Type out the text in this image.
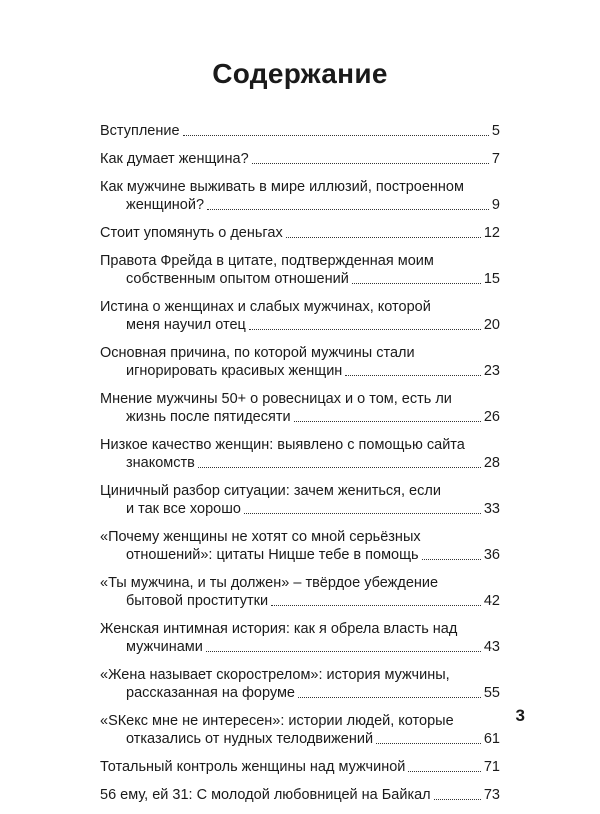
Содержание
Вступление	5
Как думает женщина?	7
Как мужчине выживать в мире иллюзий, построенном
женщиной?	9
Стоит упомянуть о деньгах	12
Правота Фрейда в цитате, подтвержденная моим
собственным опытом отношений	15
Истина о женщинах и слабых мужчинах, которой
меня научил отец	20
Основная причина, по которой мужчины стали
игнорировать красивых женщин	23
Мнение мужчины 50+ о ровесницах и о том, есть ли
жизнь после пятидесяти	26
Низкое качество женщин: выявлено с помощью сайта
знакомств	28
Циничный разбор ситуации: зачем жениться, если
и так все хорошо	33
«Почему женщины не хотят со мной серьёзных
отношений»: цитаты Ницше тебе в помощь	36
«Ты мужчина, и ты должен» – твёрдое убеждение
бытовой проститутки	42
Женская интимная история: как я обрела власть над
мужчинами	43
«Жена называет скорострелом»: история мужчины,
рассказанная на форуме	55
«SКекс мне не интересен»: истории людей, которые
отказались от нудных телодвижений	61
Тотальный контроль женщины над мужчиной	71
56 ему, ей 31: С молодой любовницей на Байкал	73
3
